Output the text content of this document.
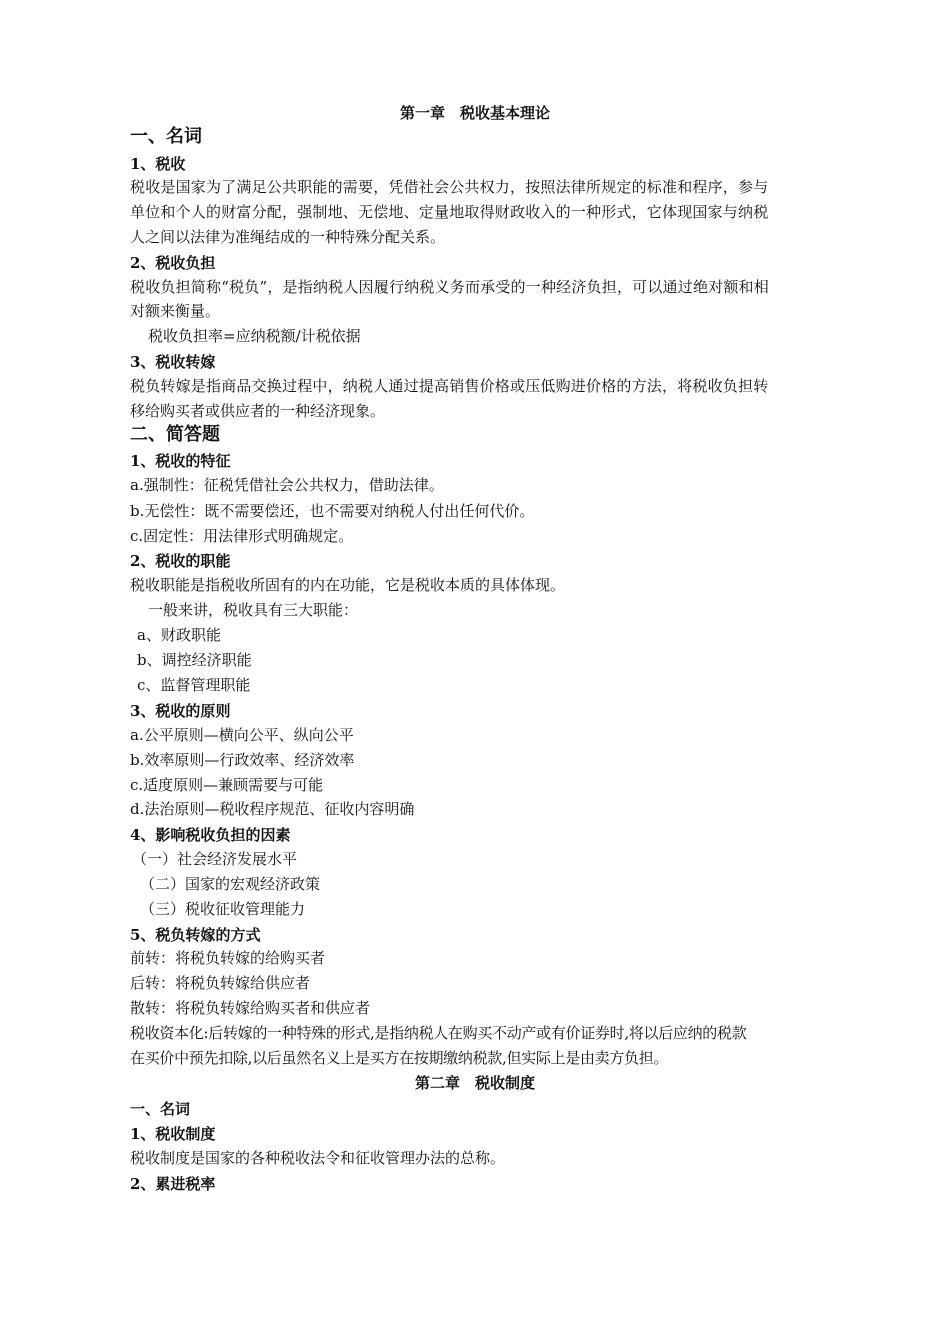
第一章　税收基本理论
一、名词
1、税收
税收是国家为了满足公共职能的需要，凭借社会公共权力，按照法律所规定的标准和程序，参与
单位和个人的财富分配，强制地、无偿地、定量地取得财政收入的一种形式，它体现国家与纳税
人之间以法律为准绳结成的一种特殊分配关系。
2、税收负担
税收负担简称“税负”，是指纳税人因履行纳税义务而承受的一种经济负担，可以通过绝对额和相
对额来衡量。
税收负担率=应纳税额/计税依据
3、税收转嫁
税负转嫁是指商品交换过程中，纳税人通过提高销售价格或压低购进价格的方法，将税收负担转
移给购买者或供应者的一种经济现象。
二、简答题
1、税收的特征
a.强制性：征税凭借社会公共权力，借助法律。
b.无偿性：既不需要偿还，也不需要对纳税人付出任何代价。
c.固定性：用法律形式明确规定。
2、税收的职能
税收职能是指税收所固有的内在功能，它是税收本质的具体体现。
一般来讲，税收具有三大职能：
a、财政职能
b、调控经济职能
c、监督管理职能
3、税收的原则
a.公平原则—横向公平、纵向公平
b.效率原则—行政效率、经济效率
c.适度原则—兼顾需要与可能
d.法治原则—税收程序规范、征收内容明确
4、影响税收负担的因素
（一）社会经济发展水平
（二）国家的宏观经济政策
（三）税收征收管理能力
5、税负转嫁的方式
前转：将税负转嫁的给购买者
后转：将税负转嫁给供应者
散转：将税负转嫁给购买者和供应者
税收资本化:后转嫁的一种特殊的形式,是指纳税人在购买不动产或有价证券时,将以后应纳的税款
在买价中预先扣除,以后虽然名义上是买方在按期缴纳税款,但实际上是由卖方负担。
第二章　税收制度
一、名词
1、税收制度
税收制度是国家的各种税收法令和征收管理办法的总称。
2、累进税率
